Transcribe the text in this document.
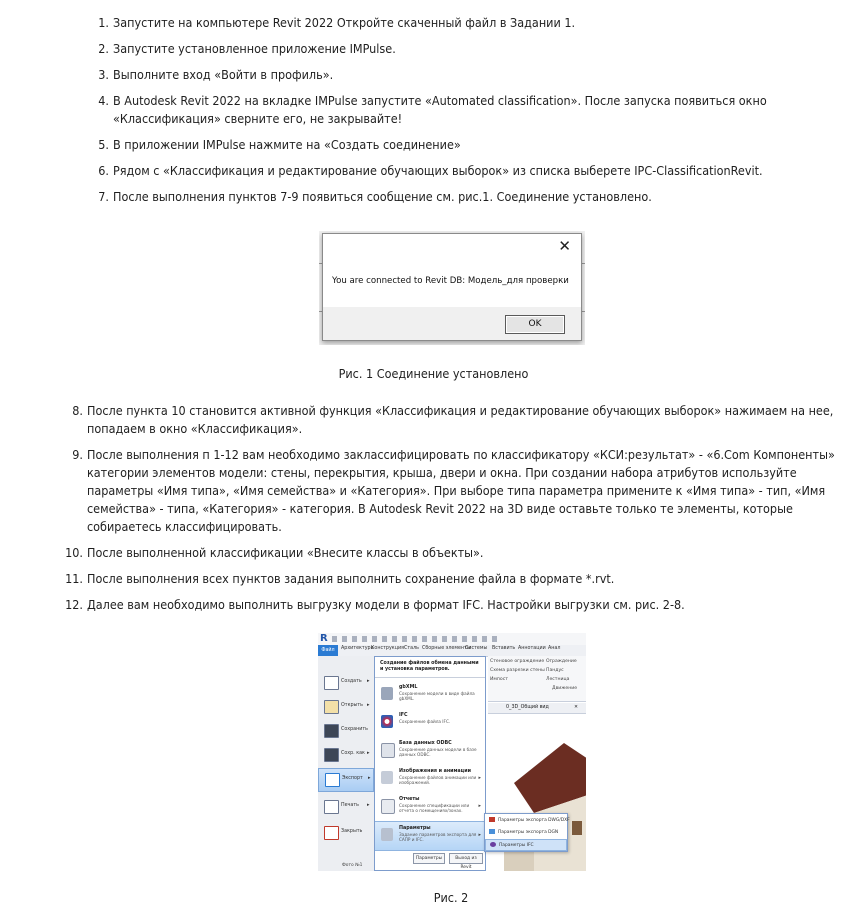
1. Запустите на компьютере Revit 2022 Откройте скаченный файл в Задании 1.
2. Запустите установленное приложение IMPulse.
3. Выполните вход «Войти в профиль».
4. В Autodesk Revit 2022 на вкладке IMPulse запустите «Automated classification». После запуска появиться окно «Классификация» сверните его, не закрывайте!
5. В приложении IMPulse нажмите на «Создать соединение»
6. Рядом с «Классификация и редактирование обучающих выборок» из списка выберете IPC-ClassificationRevit.
7. После выполнения пунктов 7-9 появиться сообщение см. рис.1. Соединение установлено.
✕
You are connected to Revit DB: Модель_для проверки
OK
Рис. 1 Соединение установлено
8. После пункта 10 становится активной функция «Классификация и редактирование обучающих выборок» нажимаем на нее, попадаем в окно «Классификация».
9. После выполнения п 1-12 вам необходимо заклассифицировать по классификатору «КСИ:результат» - «6.Com Компоненты» категории элементов модели: стены, перекрытия, крыша, двери и окна. При создании набора атрибутов используйте параметры «Имя типа», «Имя семейства» и «Категория». При выборе типа параметра примените к «Имя типа» - тип, «Имя семейства» - типа, «Категория» - категория. В Autodesk Revit 2022 на 3D виде оставьте только те элементы, которые собираетесь классифицировать.
10. После выполненной классификации «Внесите классы в объекты».
11. После выполнения всех пунктов задания выполнить сохранение файла в формате *.rvt.
12. Далее вам необходимо выполнить выгрузку модели в формат IFC. Настройки выгрузки см. рис. 2-8.
R
Файл	Архитектура
Конструкция Сталь Сборные элементы
Системы Вставить Аннотации Анал
Стеновое ограждение
Схема разрезки стены
Импост
Ограждение
Пандус
Лестница
Движение
0_3D_Общий вид	✕
Создать ▸
Открыть ▸
Сохранить
Сохр. как ▸
Экспорт ▸
Печать ▸
Закрыть
Создание файлов обмена данными и установка параметров.
gbXML
Сохранение модели в виде файла gbXML.
IFC
Сохранение файла IFC.
База данных ODBC
Сохранение данных модели в базе данных ODBC.
Изображения и анимации
Сохранение файлов анимации или изображений.
▸
Отчеты
Сохранение спецификации или отчета о помещениях/зонах.
▸
Параметры
Задание параметров экспорта для САПР и IFC.
▸
Параметры	Выход из Revit
Параметры экспорта DWG/DXF
Параметры экспорта DGN
Параметры IFC
Фото №1
Рис. 2
